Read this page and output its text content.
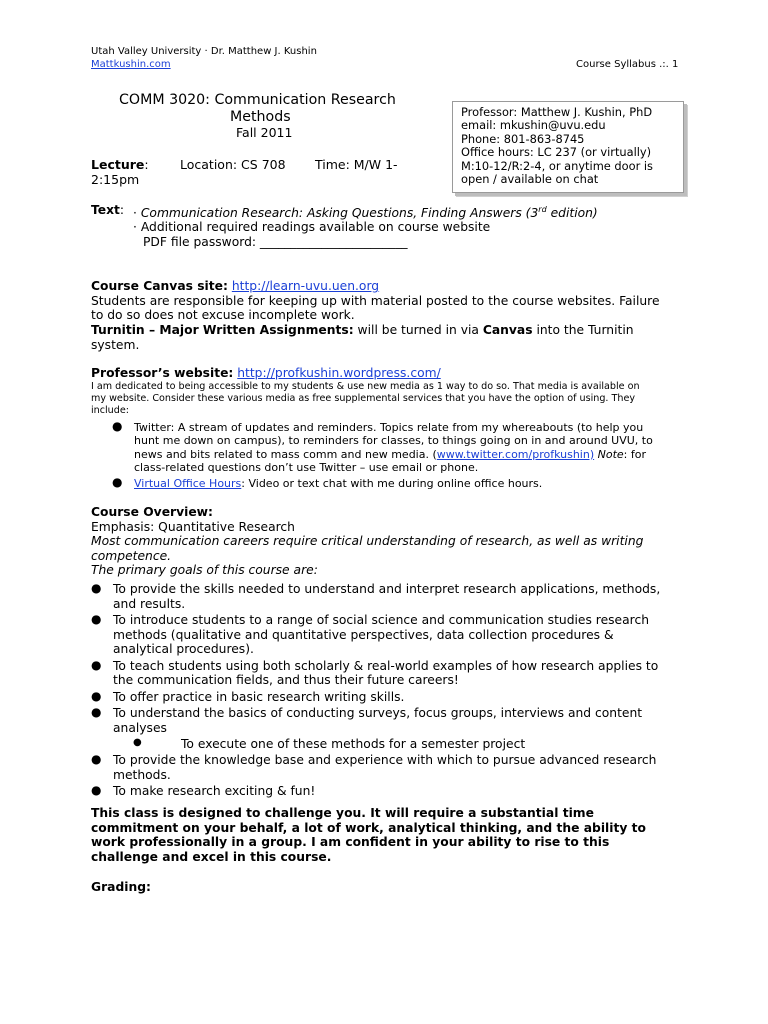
Utah Valley University · Dr. Matthew J. Kushin
Mattkushin.com	Course Syllabus .:. 1
COMM 3020: Communication Research
Methods
Fall 2011
Professor: Matthew J. Kushin, PhD
email: mkushin@uvu.edu
Phone: 801-863-8745
Office hours: LC 237 (or virtually)
M:10-12/R:2-4, or anytime door is
open / available on chat
Lecture:	Location: CS 708 Time: M/W 1-
2:15pm
Text: · Communication Research: Asking Questions, Finding Answers (3rd edition)
· Additional required readings available on course website
PDF file password: ________________________
Course Canvas site: http://learn-uvu.uen.org
Students are responsible for keeping up with material posted to the course websites. Failure
to do so does not excuse incomplete work.
Turnitin – Major Written Assignments: will be turned in via Canvas into the Turnitin
system.
Professor’s website: http://profkushin.wordpress.com/
I am dedicated to being accessible to my students & use new media as 1 way to do so. That media is available on
my website. Consider these various media as free supplemental services that you have the option of using. They
include:
● Twitter: A stream of updates and reminders. Topics relate from my whereabouts (to help you
hunt me down on campus), to reminders for classes, to things going on in and around UVU, to
news and bits related to mass comm and new media. (www.twitter.com/profkushin) Note: for
class-related questions don’t use Twitter – use email or phone.
●	Virtual Office Hours: Video or text chat with me during online office hours.
Course Overview:
Emphasis: Quantitative Research
Most communication careers require critical understanding of research, as well as writing
competence.
The primary goals of this course are:
● To provide the skills needed to understand and interpret research applications, methods,
and results.
● To introduce students to a range of social science and communication studies research
methods (qualitative and quantitative perspectives, data collection procedures &
analytical procedures).
● To teach students using both scholarly & real-world examples of how research applies to
the communication fields, and thus their future careers!
● To offer practice in basic research writing skills.
● To understand the basics of conducting surveys, focus groups, interviews and content
analyses
●	To execute one of these methods for a semester project
● To provide the knowledge base and experience with which to pursue advanced research
methods.
● To make research exciting & fun!
This class is designed to challenge you. It will require a substantial time
commitment on your behalf, a lot of work, analytical thinking, and the ability to
work professionally in a group. I am confident in your ability to rise to this
challenge and excel in this course.
Grading:
